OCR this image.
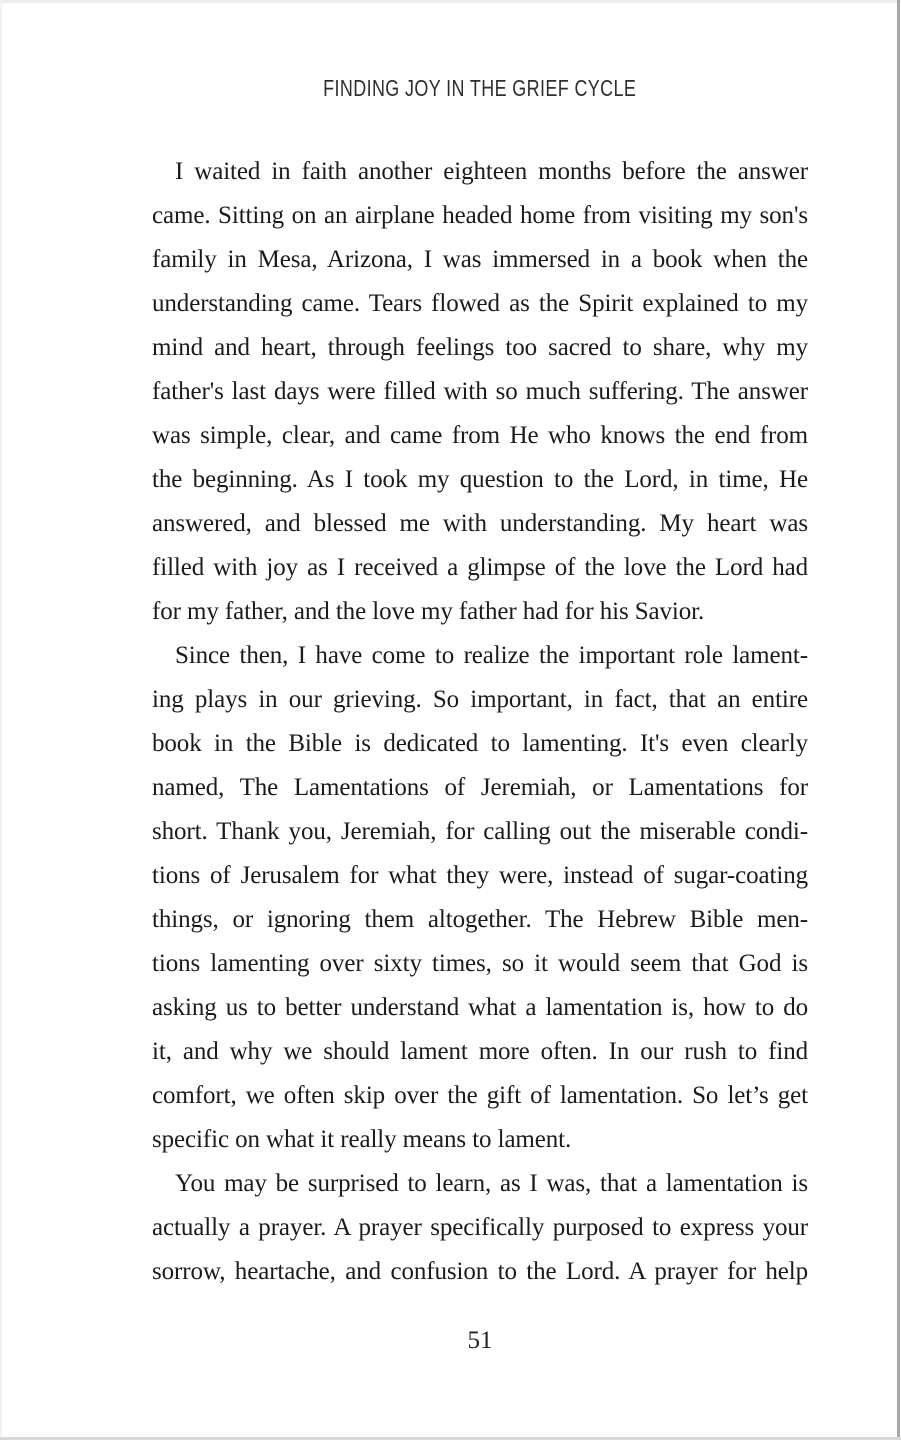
FINDING JOY IN THE GRIEF CYCLE
I waited in faith another eighteen months before the answer
came. Sitting on an airplane headed home from visiting my son's
family in Mesa, Arizona, I was immersed in a book when the
understanding came. Tears flowed as the Spirit explained to my
mind and heart, through feelings too sacred to share, why my
father's last days were filled with so much suffering. The answer
was simple, clear, and came from He who knows the end from
the beginning. As I took my question to the Lord, in time, He
answered, and blessed me with understanding. My heart was
filled with joy as I received a glimpse of the love the Lord had
for my father, and the love my father had for his Savior.
Since then, I have come to realize the important role lament-
ing plays in our grieving. So important, in fact, that an entire
book in the Bible is dedicated to lamenting. It's even clearly
named, The Lamentations of Jeremiah, or Lamentations for
short. Thank you, Jeremiah, for calling out the miserable condi-
tions of Jerusalem for what they were, instead of sugar-coating
things, or ignoring them altogether. The Hebrew Bible men-
tions lamenting over sixty times, so it would seem that God is
asking us to better understand what a lamentation is, how to do
it, and why we should lament more often. In our rush to find
comfort, we often skip over the gift of lamentation. So let’s get
specific on what it really means to lament.
You may be surprised to learn, as I was, that a lamentation is
actually a prayer. A prayer specifically purposed to express your
sorrow, heartache, and confusion to the Lord. A prayer for help
51
